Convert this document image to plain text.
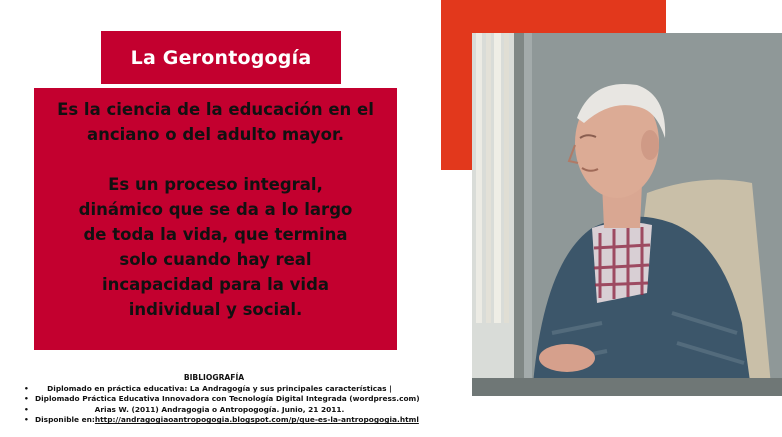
La Gerontogogía

Es la ciencia de la educación en el anciano o del adulto mayor.

Es un proceso integral, dinámico que se da a lo largo de toda la vida, que termina solo cuando hay real incapacidad para la vida individual y social.

BIBLIOGRAFÍA
• Diplomado en práctica educativa: La Andragogía y sus principales características |
• Diplomado Práctica Educativa Innovadora con Tecnología Digital Integrada (wordpress.com)
• Arias W. (2011) Andragogia o Antropogogía. Junio, 21 2011.
• Disponible en:http://andragogiaoantropogogia.blogspot.com/p/que-es-la-antropogogia.html
